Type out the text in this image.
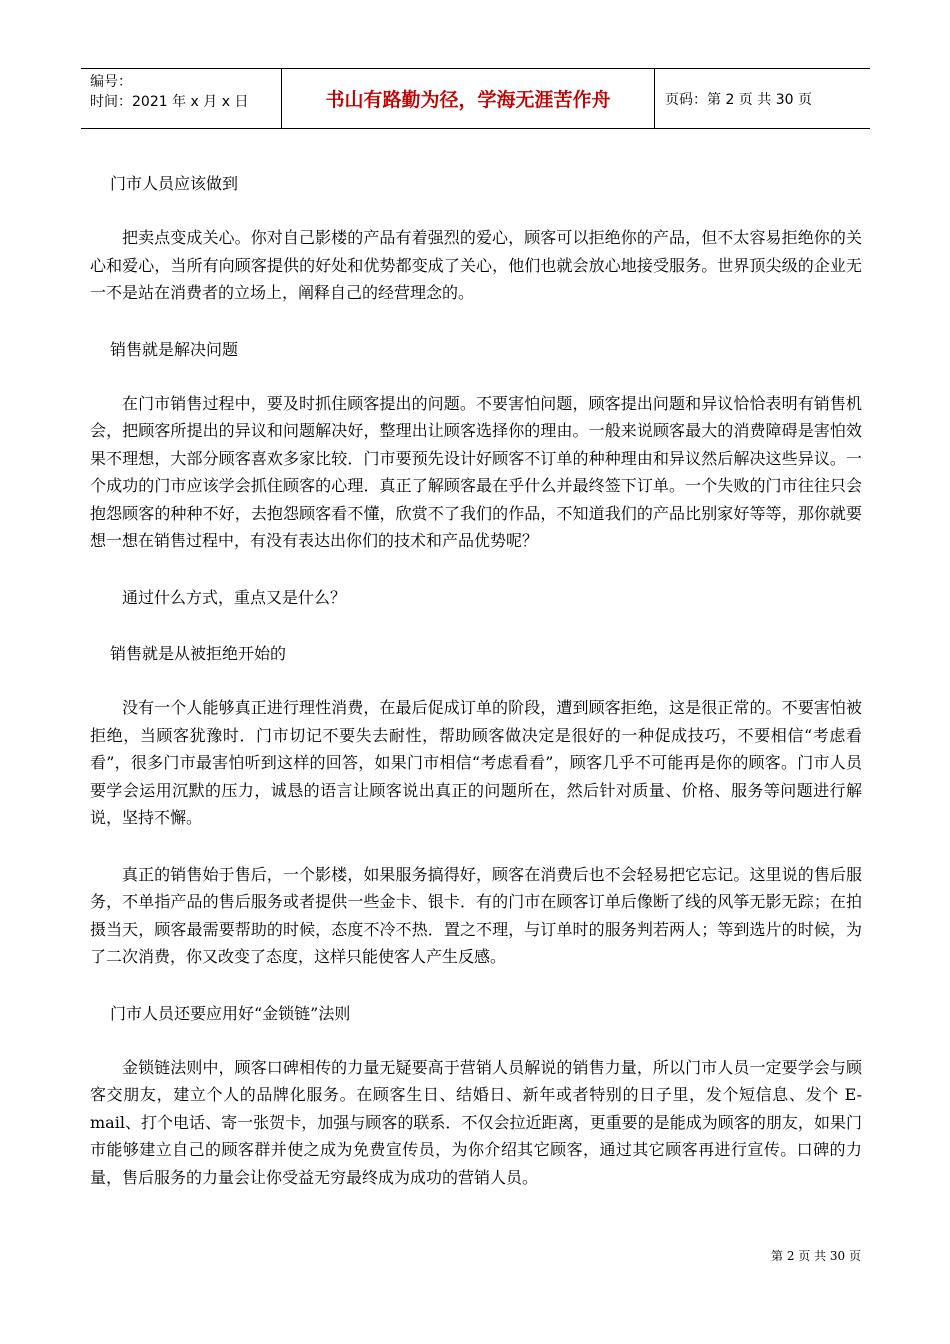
编号：
时间：2021 年 x 月 x 日	书山有路勤为径，学海无涯苦作舟	页码：第 2 页 共 30 页

门市人员应该做到

把卖点变成关心。你对自己影楼的产品有着强烈的爱心，顾客可以拒绝你的产品，但不太容易拒绝你的关心和爱心，当所有向顾客提供的好处和优势都变成了关心，他们也就会放心地接受服务。世界顶尖级的企业无一不是站在消费者的立场上，阐释自己的经营理念的。

销售就是解决问题

在门市销售过程中，要及时抓住顾客提出的问题。不要害怕问题，顾客提出问题和异议恰恰表明有销售机会，把顾客所提出的异议和问题解决好，整理出让顾客选择你的理由。一般来说顾客最大的消费障碍是害怕效果不理想，大部分顾客喜欢多家比较．门市要预先设计好顾客不订单的种种理由和异议然后解决这些异议。一个成功的门市应该学会抓住顾客的心理．真正了解顾客最在乎什么并最终签下订单。一个失败的门市往往只会抱怨顾客的种种不好，去抱怨顾客看不懂，欣赏不了我们的作品，不知道我们的产品比别家好等等，那你就要想一想在销售过程中，有没有表达出你们的技术和产品优势呢？

通过什么方式，重点又是什么？

销售就是从被拒绝开始的

没有一个人能够真正进行理性消费，在最后促成订单的阶段，遭到顾客拒绝，这是很正常的。不要害怕被拒绝，当顾客犹豫时．门市切记不要失去耐性，帮助顾客做决定是很好的一种促成技巧，不要相信“考虑看看”，很多门市最害怕听到这样的回答，如果门市相信“考虑看看”，顾客几乎不可能再是你的顾客。门市人员要学会运用沉默的压力，诚恳的语言让顾客说出真正的问题所在，然后针对质量、价格、服务等问题进行解说，坚持不懈。

真正的销售始于售后，一个影楼，如果服务搞得好，顾客在消费后也不会轻易把它忘记。这里说的售后服务，不单指产品的售后服务或者提供一些金卡、银卡．有的门市在顾客订单后像断了线的风筝无影无踪；在拍摄当天，顾客最需要帮助的时候，态度不冷不热．置之不理，与订单时的服务判若两人；等到选片的时候，为了二次消费，你又改变了态度，这样只能使客人产生反感。

门市人员还要应用好“金锁链”法则

金锁链法则中，顾客口碑相传的力量无疑要高于营销人员解说的销售力量，所以门市人员一定要学会与顾客交朋友，建立个人的品牌化服务。在顾客生日、结婚日、新年或者特别的日子里，发个短信息、发个 E-mail、打个电话、寄一张贺卡，加强与顾客的联系．不仅会拉近距离，更重要的是能成为顾客的朋友，如果门市能够建立自己的顾客群并使之成为免费宣传员，为你介绍其它顾客，通过其它顾客再进行宣传。口碑的力量，售后服务的力量会让你受益无穷最终成为成功的营销人员。

第 2 页 共 30 页
